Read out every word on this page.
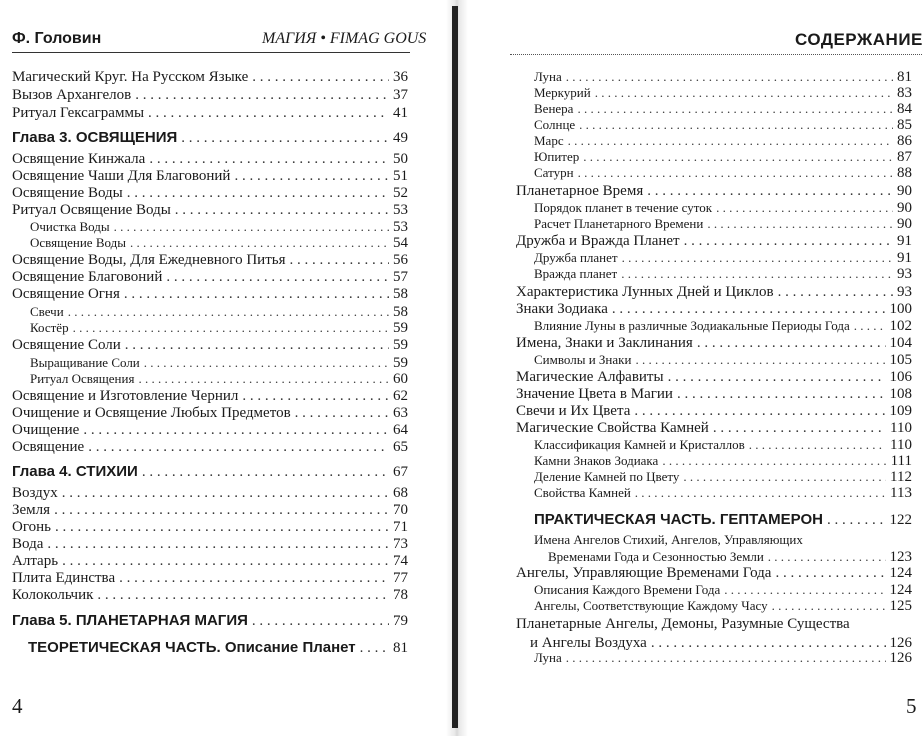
Ф. Головин	МАГИЯ • FIMAG GOUS
Магический Круг. На Русском Языке . . .	36
Вызов Архангелов . . .	37
Ритуал Гексаграммы . . .	41
Глава 3. ОСВЯЩЕНИЯ . . .	49
Освящение Кинжала . . .	50
Освящение Чаши Для Благовоний . . .	51
Освящение Воды . . .	52
Ритуал Освящение Воды . . .	53
Очистка Воды . . .	53
Освящение Воды . . .	54
Освящение Воды, Для Ежедневного Питья . . .	56
Освящение Благовоний . . .	57
Освящение Огня . . .	58
Свечи . . .	58
Костёр . . .	59
Освящение Соли . . .	59
Выращивание Соли . . .	59
Ритуал Освящения . . .	60
Освящение и Изготовление Чернил . . .	62
Очищение и Освящение Любых Предметов . . .	63
Очищение . . .	64
Освящение . . .	65
Глава 4. СТИХИИ . . .	67
Воздух . . .	68
Земля . . .	70
Огонь . . .	71
Вода . . .	73
Алтарь . . .	74
Плита Единства . . .	77
Колокольчик . . .	78
Глава 5. ПЛАНЕТАРНАЯ МАГИЯ . . .	79
ТЕОРЕТИЧЕСКАЯ ЧАСТЬ. Описание Планет . . . 81
4
СОДЕРЖАНИЕ
Луна . . .	81
Меркурий . . .	83
Венера . . .	84
Солнце . . .	85
Марс . . .	86
Юпитер . . .	87
Сатурн . . .	88
Планетарное Время . . .	90
Порядок планет в течение суток . . .	90
Расчет Планетарного Времени . . .	90
Дружба и Вражда Планет . . .	91
Дружба планет . . .	91
Вражда планет . . .	93
Характеристика Лунных Дней и Циклов . . .	93
Знаки Зодиака . . .	100
Влияние Луны в различные Зодиакальные Периоды Года . . .	102
Имена, Знаки и Заклинания . . .	104
Символы и Знаки . . .	105
Магические Алфавиты . . .	106
Значение Цвета в Магии . . .	108
Свечи и Их Цвета . . .	109
Магические Свойства Камней . . .	110
Классификация Камней и Кристаллов . . .	110
Камни Знаков Зодиака . . .	111
Деление Камней по Цвету . . .	112
Свойства Камней . . .	113
ПРАКТИЧЕСКАЯ ЧАСТЬ. ГЕПТАМЕРОН . . .	122
Имена Ангелов Стихий, Ангелов, Управляющих
Временами Года и Сезонностью Земли . . .	123
Ангелы, Управляющие Временами Года . . .	124
Описания Каждого Времени Года . . .	124
Ангелы, Соответствующие Каждому Часу . . .	125
Планетарные Ангелы, Демоны, Разумные Существа
и Ангелы Воздуха . . .	126
Луна . . .	126
5
